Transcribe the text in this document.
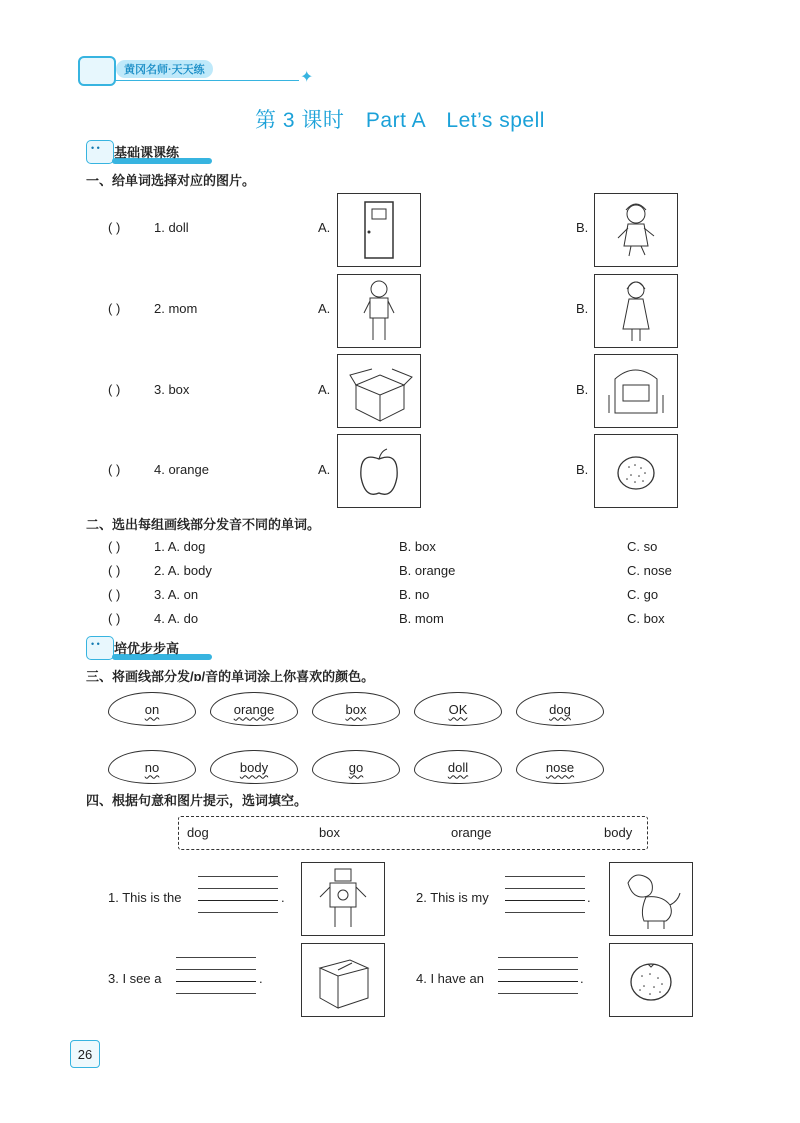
黄冈名师·天天练	✦
第 3 课时　Part A　Let’s spell
• •
基础课课练
一、给单词选择对应的图片。
( )	1. doll	A.	B.
( )	2. mom	A.	B.
( )	3. box	A.	B.
( )	4. orange	A.	B.
二、选出每组画线部分发音不同的单词。
( )	1. A. dog	B. box	C. so
( )	2. A. body	B. orange	C. nose
( )	3. A. on	B. no	C. go
( )	4. A. do	B. mom	C. box
• •
培优步步高
三、将画线部分发/ɒ/音的单词涂上你喜欢的颜色。
on	orange	box	OK	dog
no	body	go	doll	nose
四、根据句意和图片提示，选词填空。
dog	box	orange	body
1. This is the	.	2. This is my	.
3. I see a	.	4. I have an	.
26
